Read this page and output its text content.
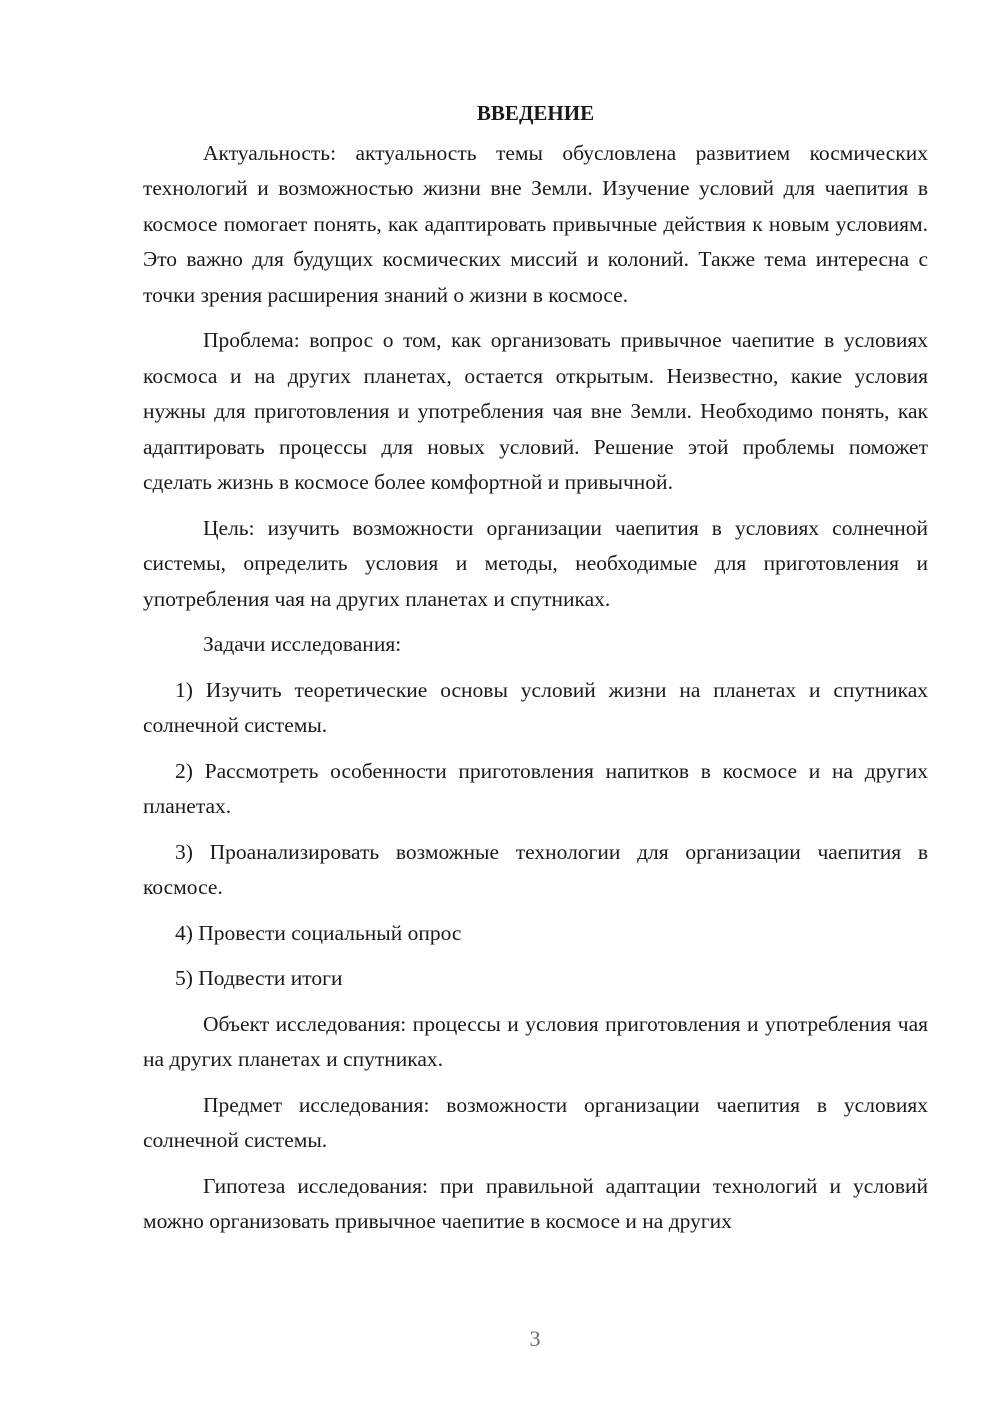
ВВЕДЕНИЕ

Актуальность: актуальность темы обусловлена развитием космических технологий и возможностью жизни вне Земли. Изучение условий для чаепития в космосе помогает понять, как адаптировать привычные действия к новым условиям. Это важно для будущих космических миссий и колоний. Также тема интересна с точки зрения расширения знаний о жизни в космосе.

Проблема: вопрос о том, как организовать привычное чаепитие в условиях космоса и на других планетах, остается открытым. Неизвестно, какие условия нужны для приготовления и употребления чая вне Земли. Необходимо понять, как адаптировать процессы для новых условий. Решение этой проблемы поможет сделать жизнь в космосе более комфортной и привычной.

Цель: изучить возможности организации чаепития в условиях солнечной системы, определить условия и методы, необходимые для приготовления и употребления чая на других планетах и спутниках.

Задачи исследования:

1) Изучить теоретические основы условий жизни на планетах и спутниках солнечной системы.

2) Рассмотреть особенности приготовления напитков в космосе и на других планетах.

3) Проанализировать возможные технологии для организации чаепития в космосе.

4) Провести социальный опрос

5) Подвести итоги

Объект исследования: процессы и условия приготовления и употребления чая на других планетах и спутниках.

Предмет исследования: возможности организации чаепития в условиях солнечной системы.

Гипотеза исследования: при правильной адаптации технологий и условий можно организовать привычное чаепитие в космосе и на других

3
